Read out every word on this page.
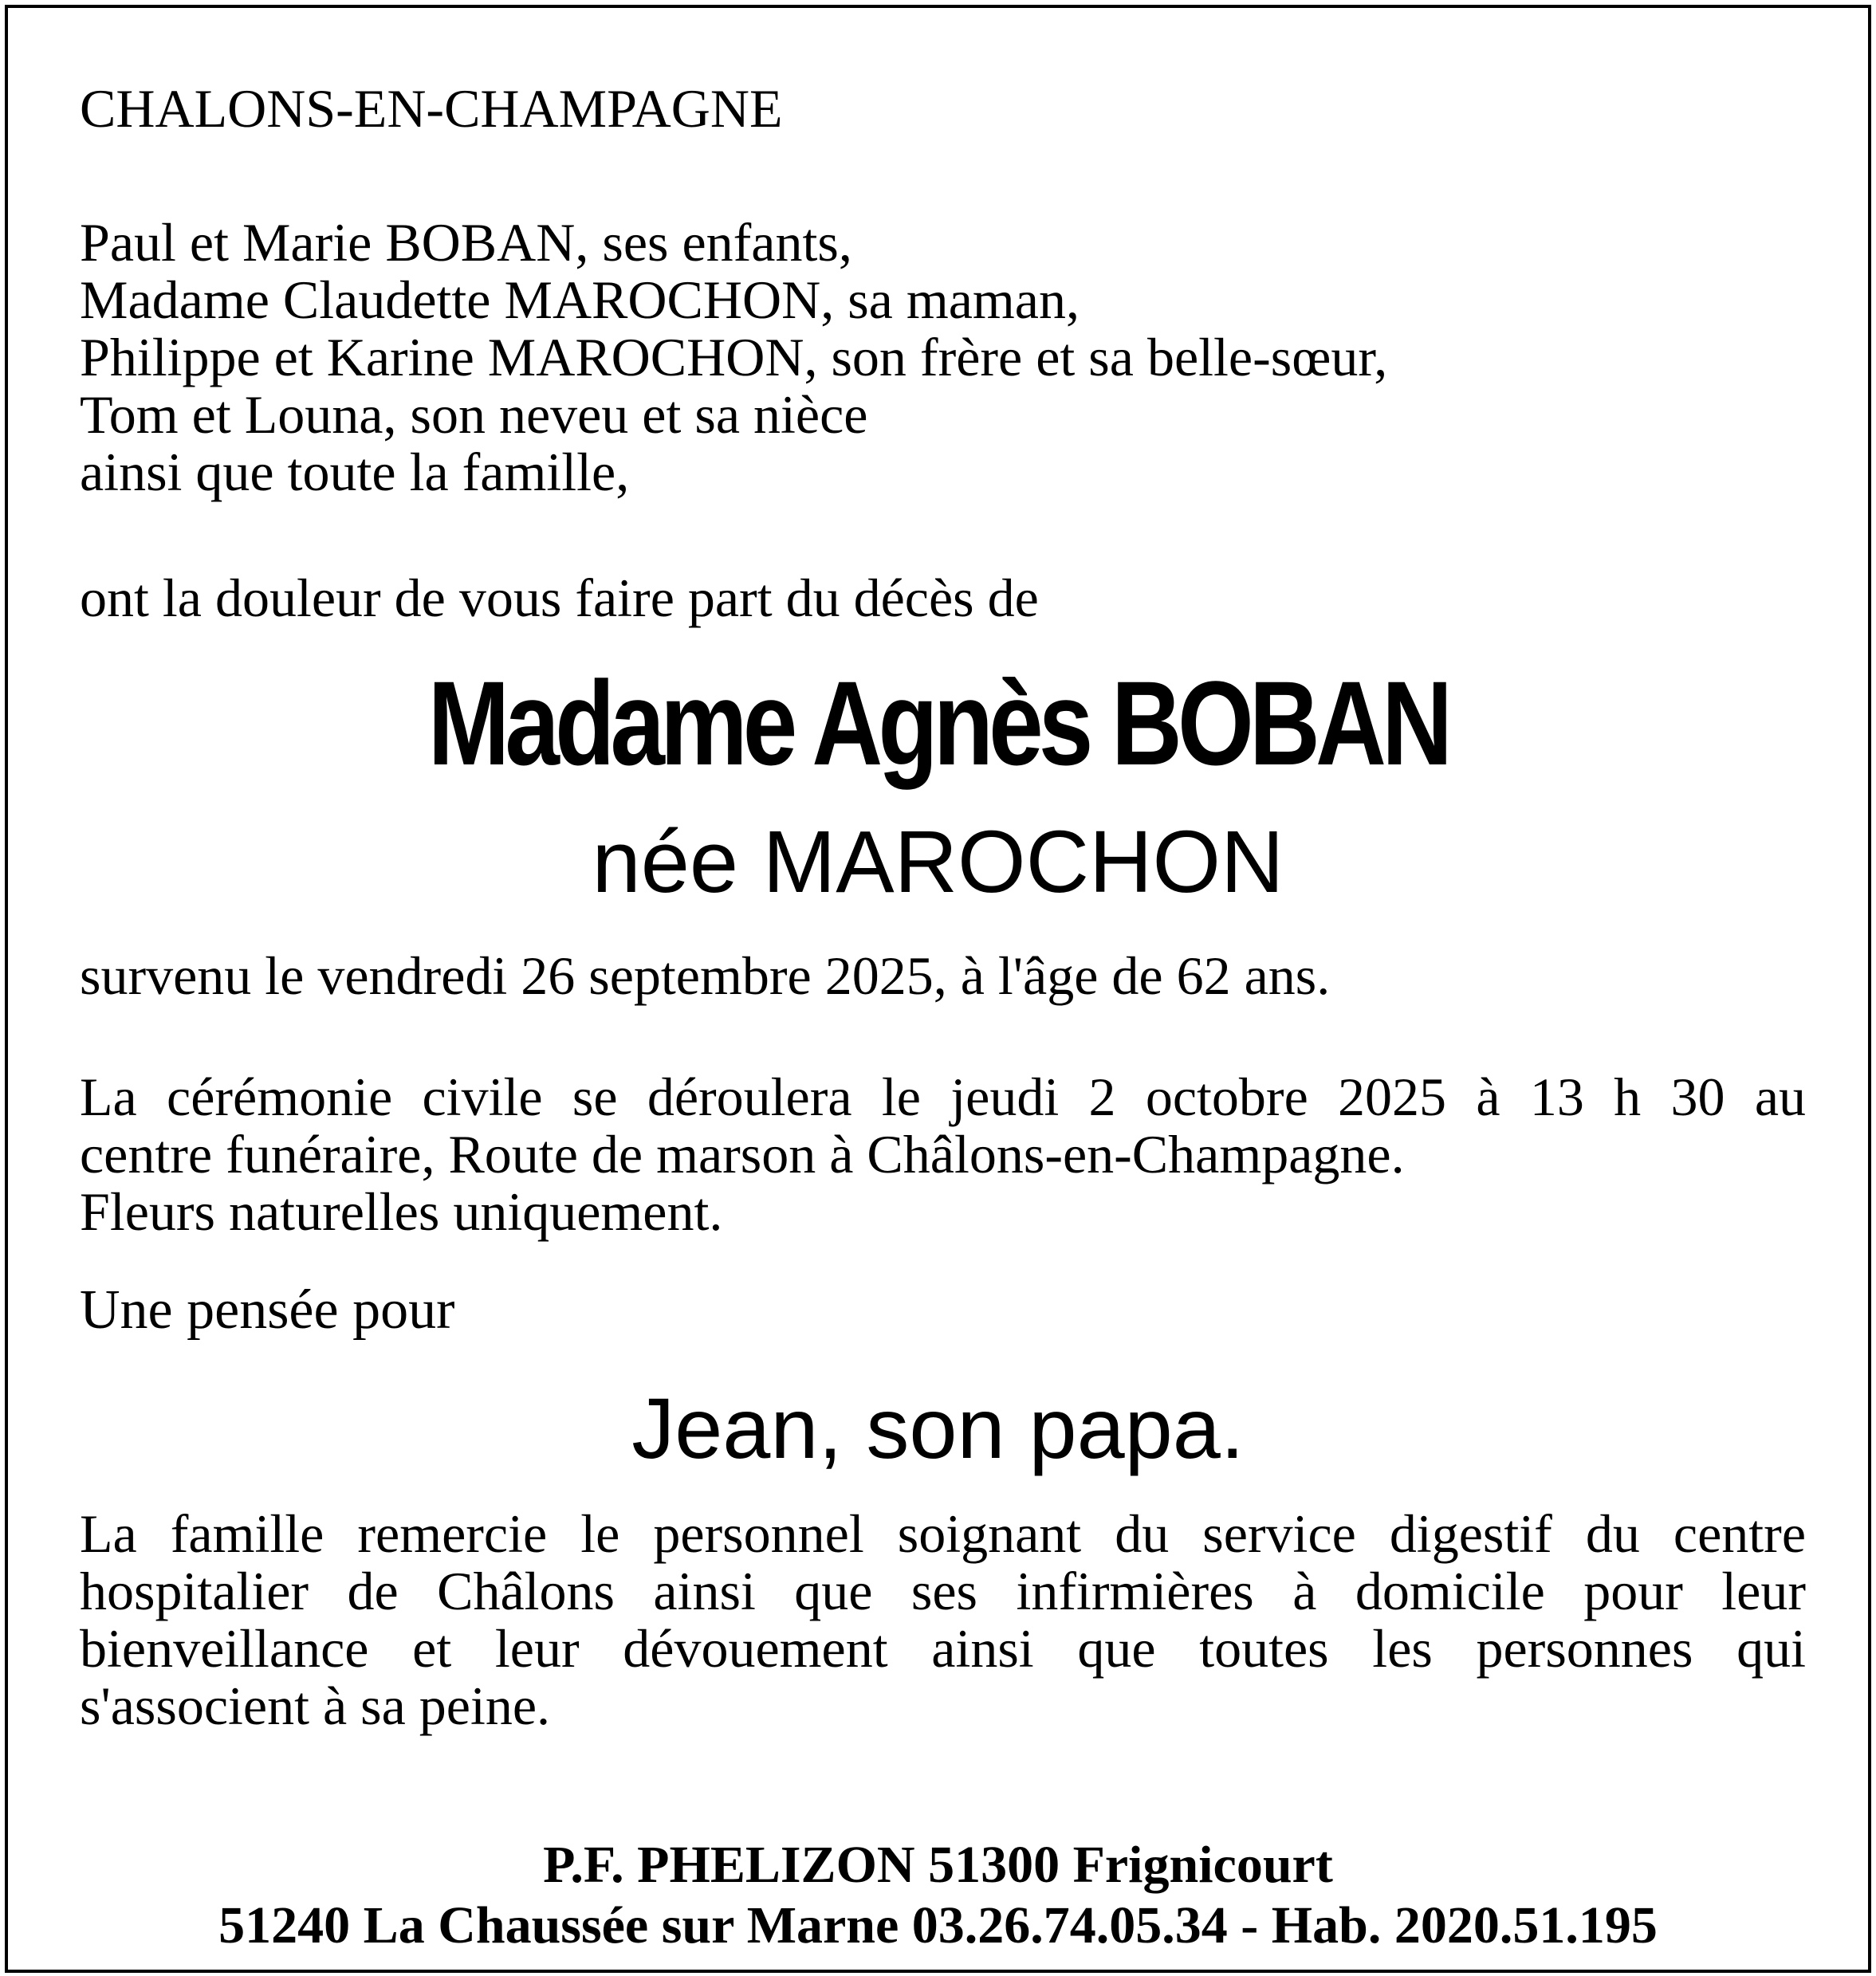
CHALONS-EN-CHAMPAGNE

Paul et Marie BOBAN, ses enfants,

Madame Claudette MAROCHON, sa maman,

Philippe et Karine MAROCHON, son frère et sa belle-sœur,

Tom et Louna, son neveu et sa nièce

ainsi que toute la famille,

ont la douleur de vous faire part du décès de

Madame Agnès BOBAN

née MAROCHON

survenu le vendredi 26 septembre 2025, à l'âge de 62 ans.

La cérémonie civile se déroulera le jeudi 2 octobre 2025 à 13 h 30 au
centre funéraire, Route de marson à Châlons-en-Champagne.
Fleurs naturelles uniquement.

Une pensée pour

Jean, son papa.

La famille remercie le personnel soignant du service digestif du centre
hospitalier de Châlons ainsi que ses infirmières à domicile pour leur
bienveillance et leur dévouement ainsi que toutes les personnes qui
s'associent à sa peine.

P.F. PHELIZON 51300 Frignicourt

51240 La Chaussée sur Marne 03.26.74.05.34 - Hab. 2020.51.195
